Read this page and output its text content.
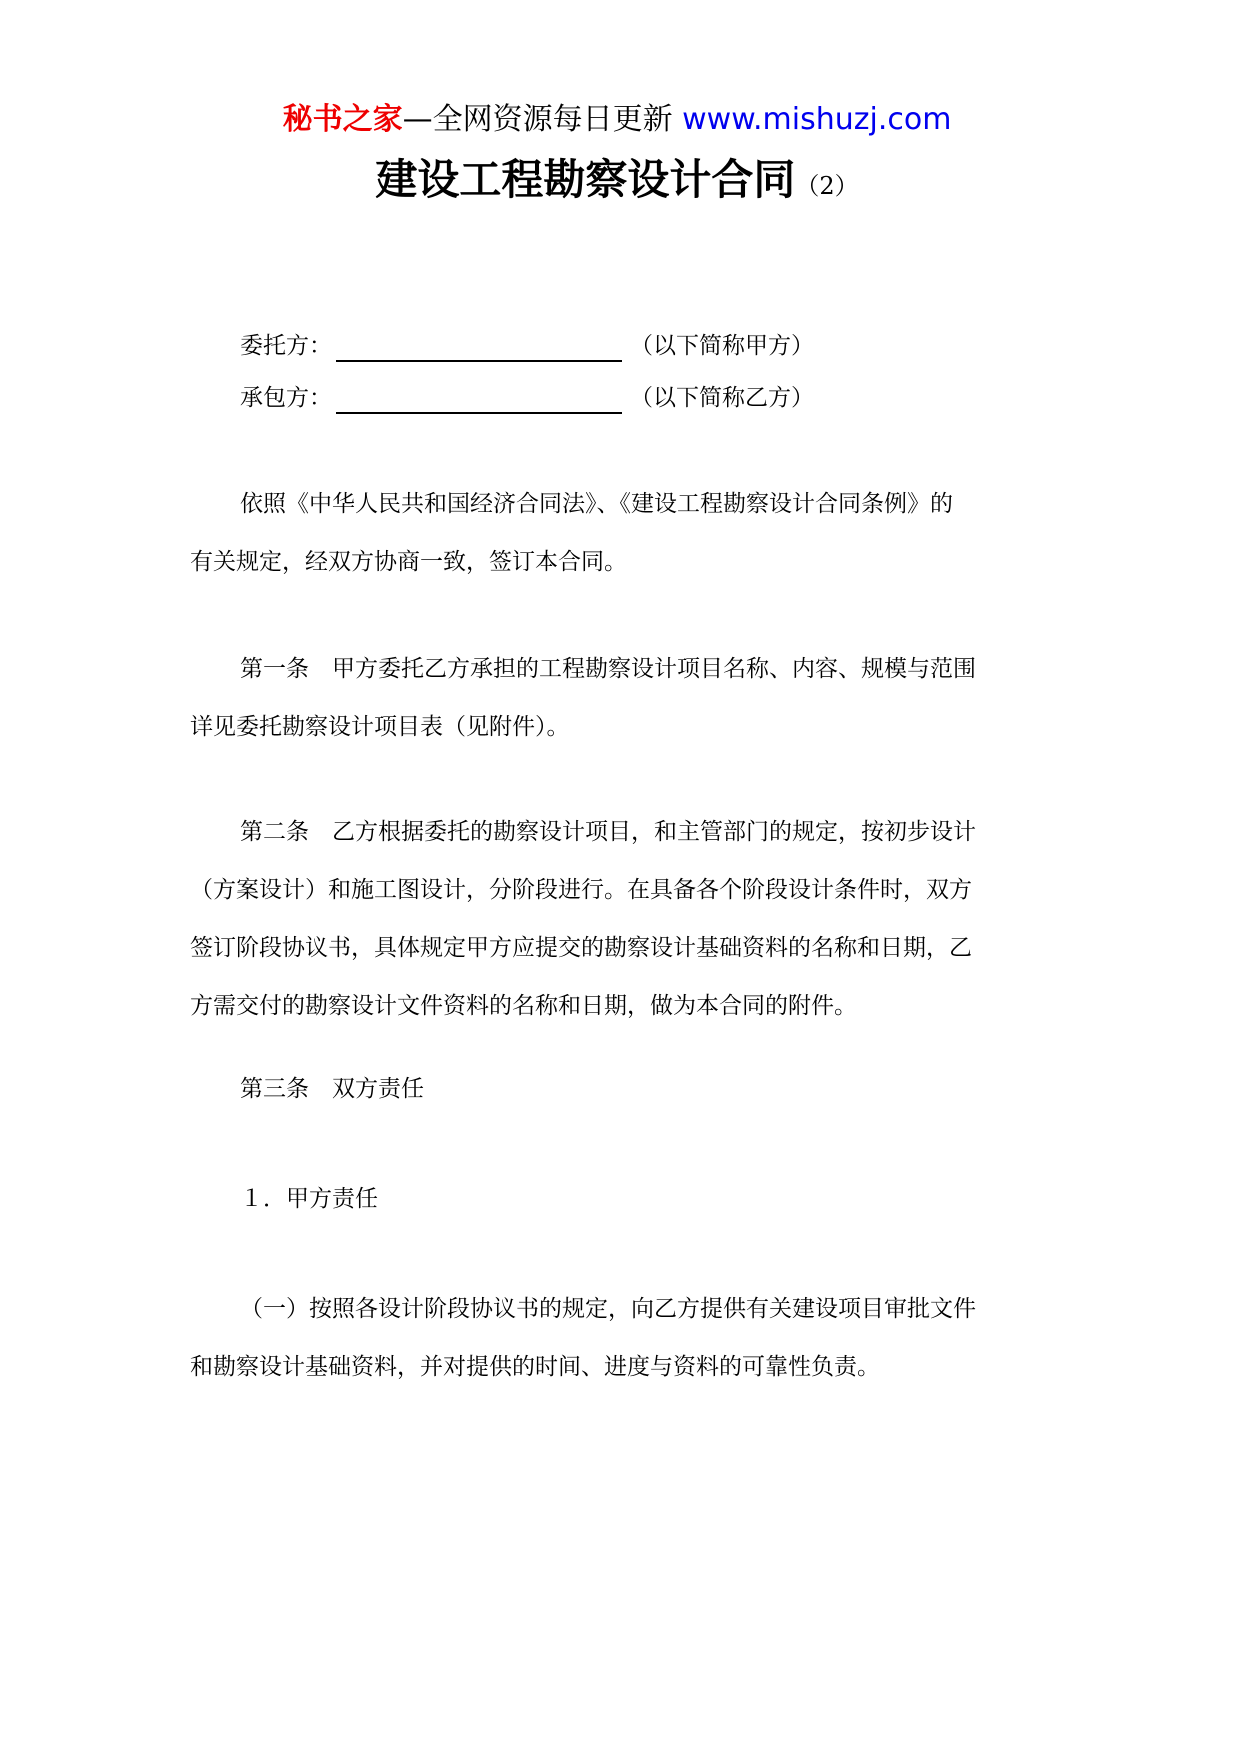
秘书之家—全网资源每日更新 www.mishuzj.com
建设工程勘察设计合同（2）
委托方：	（以下简称甲方）
承包方：	（以下简称乙方）
依照《中华人民共和国经济合同法》、《建设工程勘察设计合同条例》的
有关规定，经双方协商一致，签订本合同。
第一条　甲方委托乙方承担的工程勘察设计项目名称、内容、规模与范围
详见委托勘察设计项目表（见附件）。
第二条　乙方根据委托的勘察设计项目，和主管部门的规定，按初步设计
（方案设计）和施工图设计，分阶段进行。在具备各个阶段设计条件时，双方
签订阶段协议书，具体规定甲方应提交的勘察设计基础资料的名称和日期，乙
方需交付的勘察设计文件资料的名称和日期，做为本合同的附件。
第三条　双方责任
１．甲方责任
（一）按照各设计阶段协议书的规定，向乙方提供有关建设项目审批文件
和勘察设计基础资料，并对提供的时间、进度与资料的可靠性负责。
